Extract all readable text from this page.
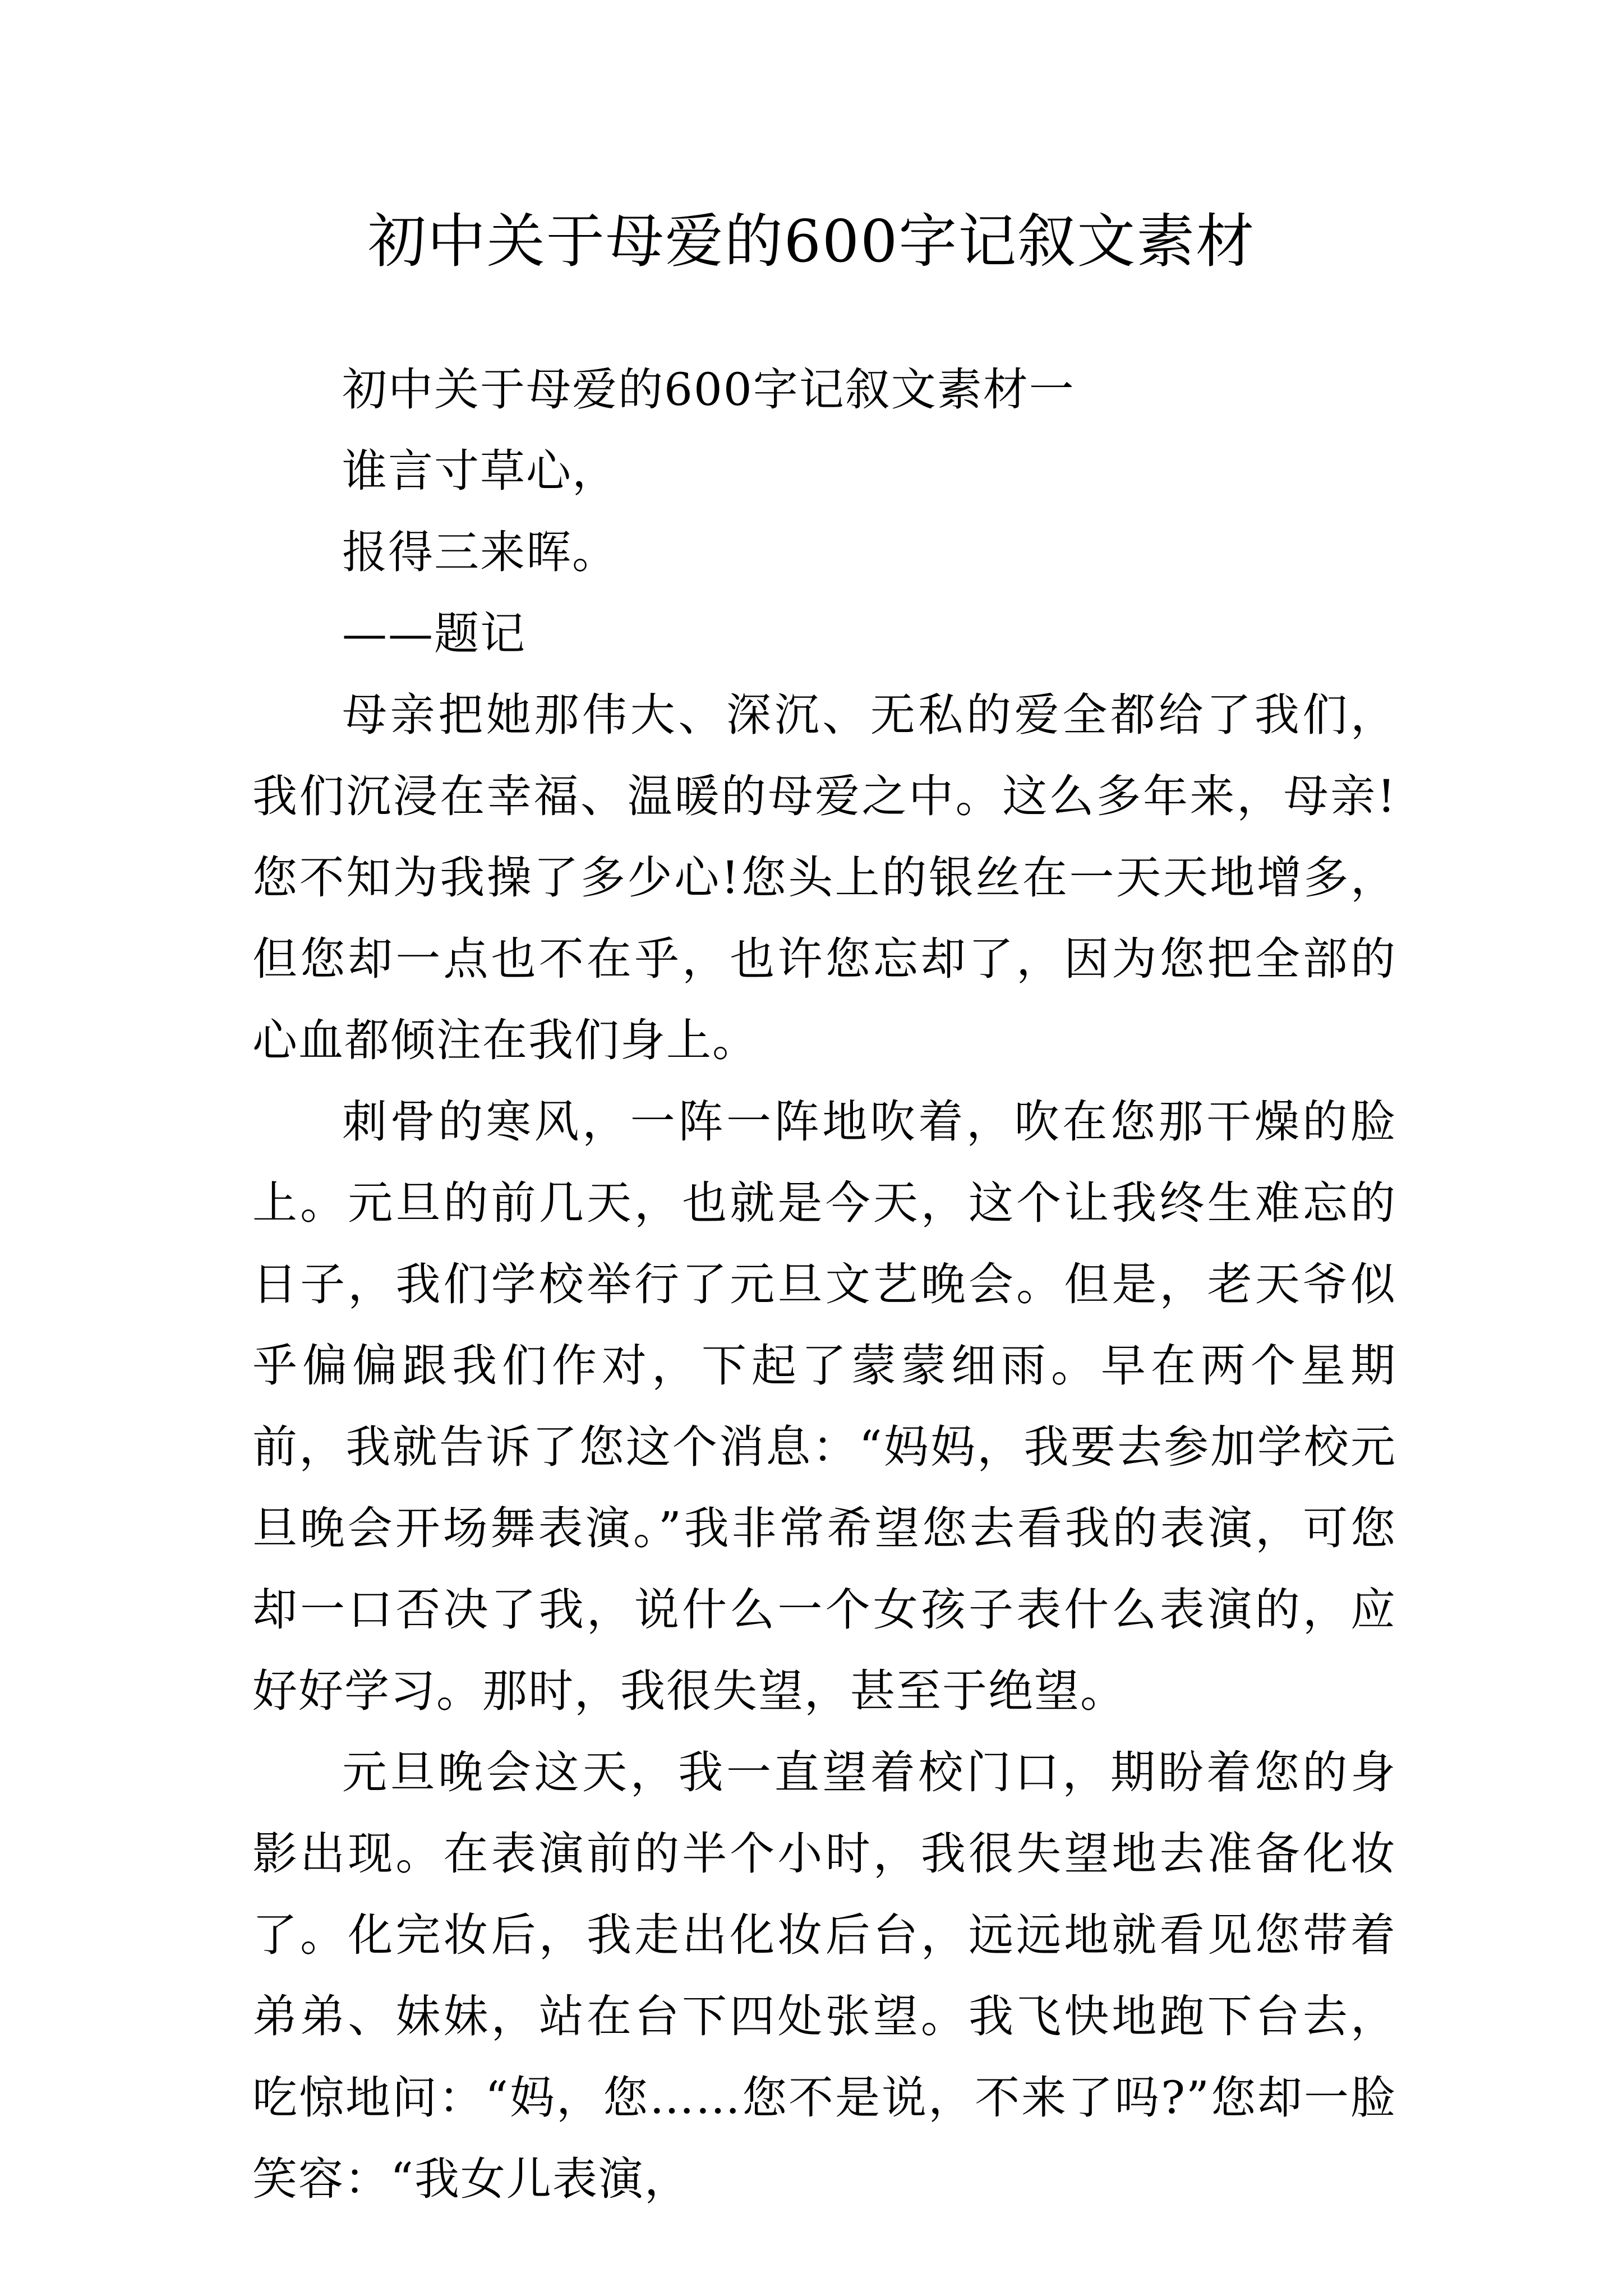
初中关于母爱的600字记叙文素材

初中关于母爱的600字记叙文素材一

谁言寸草心，

报得三来晖。

——题记

母亲把她那伟大、深沉、无私的爱全都给了我们，我们沉浸在幸福、温暖的母爱之中。这么多年来，母亲!您不知为我操了多少心!您头上的银丝在一天天地增多，但您却一点也不在乎，也许您忘却了，因为您把全部的心血都倾注在我们身上。

刺骨的寒风，一阵一阵地吹着，吹在您那干燥的脸上。元旦的前几天，也就是今天，这个让我终生难忘的日子，我们学校举行了元旦文艺晚会。但是，老天爷似乎偏偏跟我们作对，下起了蒙蒙细雨。早在两个星期前，我就告诉了您这个消息：“妈妈，我要去参加学校元旦晚会开场舞表演。”我非常希望您去看我的表演，可您却一口否决了我，说什么一个女孩子表什么表演的，应好好学习。那时，我很失望，甚至于绝望。

元旦晚会这天，我一直望着校门口，期盼着您的身影出现。在表演前的半个小时，我很失望地去准备化妆了。化完妆后，我走出化妆后台，远远地就看见您带着弟弟、妹妹，站在台下四处张望。我飞快地跑下台去，吃惊地问：“妈，您……您不是说，不来了吗?”您却一脸笑容：“我女儿表演，
